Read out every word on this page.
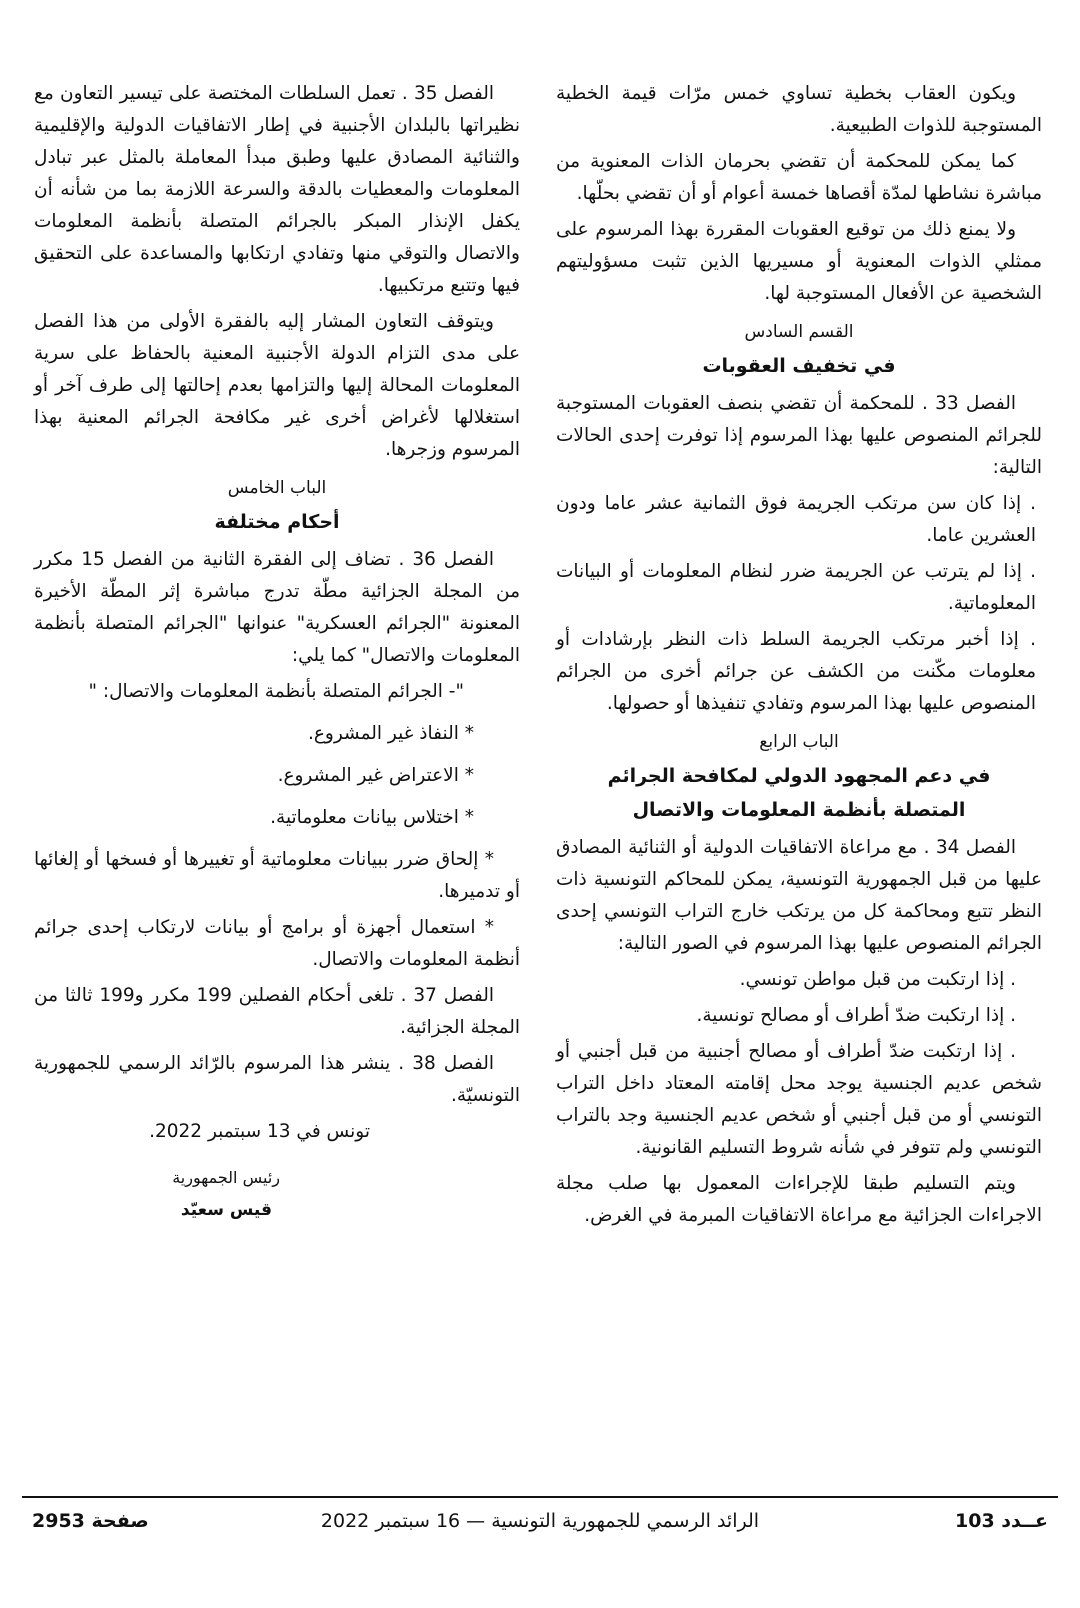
ويكون العقاب بخطية تساوي خمس مرّات قيمة الخطية المستوجبة للذوات الطبيعية.

كما يمكن للمحكمة أن تقضي بحرمان الذات المعنوية من مباشرة نشاطها لمدّة أقصاها خمسة أعوام أو أن تقضي بحلّها.

ولا يمنع ذلك من توقيع العقوبات المقررة بهذا المرسوم على ممثلي الذوات المعنوية أو مسيريها الذين تثبت مسؤوليتهم الشخصية عن الأفعال المستوجبة لها.

القسم السادس
في تخفيف العقوبات

الفصل 33 . للمحكمة أن تقضي بنصف العقوبات المستوجبة للجرائم المنصوص عليها بهذا المرسوم إذا توفرت إحدى الحالات التالية:

. إذا كان سن مرتكب الجريمة فوق الثمانية عشر عاما ودون العشرين عاما.

. إذا لم يترتب عن الجريمة ضرر لنظام المعلومات أو البيانات المعلوماتية.

. إذا أخبر مرتكب الجريمة السلط ذات النظر بإرشادات أو معلومات مكّنت من الكشف عن جرائم أخرى من الجرائم المنصوص عليها بهذا المرسوم وتفادي تنفيذها أو حصولها.

الباب الرابع
في دعم المجهود الدولي لمكافحة الجرائم
المتصلة بأنظمة المعلومات والاتصال

الفصل 34 . مع مراعاة الاتفاقيات الدولية أو الثنائية المصادق عليها من قبل الجمهورية التونسية، يمكن للمحاكم التونسية ذات النظر تتبع ومحاكمة كل من يرتكب خارج التراب التونسي إحدى الجرائم المنصوص عليها بهذا المرسوم في الصور التالية:

. إذا ارتكبت من قبل مواطن تونسي.

. إذا ارتكبت ضدّ أطراف أو مصالح تونسية.

. إذا ارتكبت ضدّ أطراف أو مصالح أجنبية من قبل أجنبي أو شخص عديم الجنسية يوجد محل إقامته المعتاد داخل التراب التونسي أو من قبل أجنبي أو شخص عديم الجنسية وجد بالتراب التونسي ولم تتوفر في شأنه شروط التسليم القانونية.

ويتم التسليم طبقا للإجراءات المعمول بها صلب مجلة الاجراءات الجزائية مع مراعاة الاتفاقيات المبرمة في الغرض.

الفصل 35 . تعمل السلطات المختصة على تيسير التعاون مع نظيراتها بالبلدان الأجنبية في إطار الاتفاقيات الدولية والإقليمية والثنائية المصادق عليها وطبق مبدأ المعاملة بالمثل عبر تبادل المعلومات والمعطيات بالدقة والسرعة اللازمة بما من شأنه أن يكفل الإنذار المبكر بالجرائم المتصلة بأنظمة المعلومات والاتصال والتوقي منها وتفادي ارتكابها والمساعدة على التحقيق فيها وتتبع مرتكبيها.

ويتوقف التعاون المشار إليه بالفقرة الأولى من هذا الفصل على مدى التزام الدولة الأجنبية المعنية بالحفاظ على سرية المعلومات المحالة إليها والتزامها بعدم إحالتها إلى طرف آخر أو استغلالها لأغراض أخرى غير مكافحة الجرائم المعنية بهذا المرسوم وزجرها.

الباب الخامس
أحكام مختلفة

الفصل 36 . تضاف إلى الفقرة الثانية من الفصل 15 مكرر من المجلة الجزائية مطّة تدرج مباشرة إثر المطّة الأخيرة المعنونة "الجرائم العسكرية" عنوانها "الجرائم المتصلة بأنظمة المعلومات والاتصال" كما يلي:

"- الجرائم المتصلة بأنظمة المعلومات والاتصال: "

* النفاذ غير المشروع.

* الاعتراض غير المشروع.

* اختلاس بيانات معلوماتية.

* إلحاق ضرر ببيانات معلوماتية أو تغييرها أو فسخها أو إلغائها أو تدميرها.

* استعمال أجهزة أو برامج أو بيانات لارتكاب إحدى جرائم أنظمة المعلومات والاتصال.

الفصل 37 . تلغى أحكام الفصلين 199 مكرر و199 ثالثا من المجلة الجزائية.

الفصل 38 . ينشر هذا المرسوم بالرّائد الرسمي للجمهورية التونسيّة.

تونس في 13 سبتمبر 2022.

رئيس الجمهورية

قيس سعيّد

عــدد 103
الرائد الرسمي للجمهورية التونسية — 16 سبتمبر 2022
صفحة 2953
